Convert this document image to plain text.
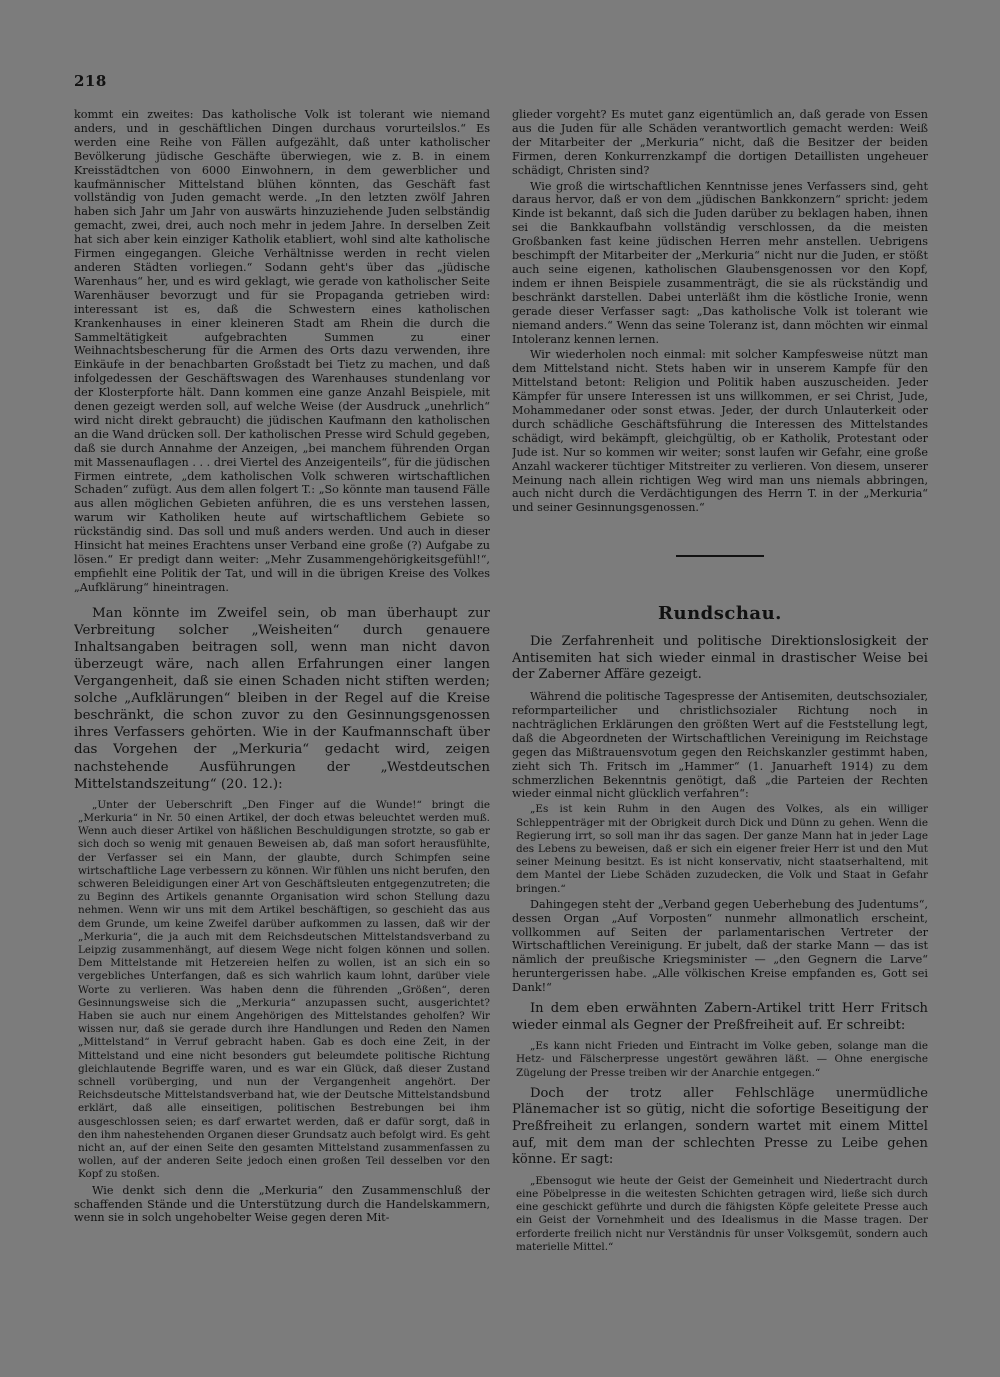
218

kommt ein zweites: Das katholische Volk ist tolerant wie niemand anders, und in geschäftlichen Dingen durchaus vorurteilslos.“ Es werden eine Reihe von Fällen aufgezählt, daß unter katholischer Bevölkerung jüdische Geschäfte überwiegen, wie z. B. in einem Kreisstädtchen von 6000 Einwohnern, in dem gewerblicher und kaufmännischer Mittelstand blühen könnten, das Geschäft fast vollständig von Juden gemacht werde. „In den letzten zwölf Jahren haben sich Jahr um Jahr von auswärts hinzuziehende Juden selbständig gemacht, zwei, drei, auch noch mehr in jedem Jahre. In derselben Zeit hat sich aber kein einziger Katholik etabliert, wohl sind alte katholische Firmen eingegangen. Gleiche Verhältnisse werden in recht vielen anderen Städten vorliegen.“ Sodann geht's über das „jüdische Warenhaus“ her, und es wird geklagt, wie gerade von katholischer Seite Warenhäuser bevorzugt und für sie Propaganda getrieben wird: interessant ist es, daß die Schwestern eines katholischen Krankenhauses in einer kleineren Stadt am Rhein die durch die Sammeltätigkeit aufgebrachten Summen zu einer Weihnachtsbescherung für die Armen des Orts dazu verwenden, ihre Einkäufe in der benachbarten Großstadt bei Tietz zu machen, und daß infolgedessen der Geschäftswagen des Warenhauses stundenlang vor der Klosterpforte hält. Dann kommen eine ganze Anzahl Beispiele, mit denen gezeigt werden soll, auf welche Weise (der Ausdruck „unehrlich“ wird nicht direkt gebraucht) die jüdischen Kaufmann den katholischen an die Wand drücken soll. Der katholischen Presse wird Schuld gegeben, daß sie durch Annahme der Anzeigen, „bei manchem führenden Organ mit Massenauflagen . . . drei Viertel des Anzeigenteils“, für die jüdischen Firmen eintrete, „dem katholischen Volk schweren wirtschaftlichen Schaden“ zufügt. Aus dem allen folgert T.: „So könnte man tausend Fälle aus allen möglichen Gebieten anführen, die es uns verstehen lassen, warum wir Katholiken heute auf wirtschaftlichem Gebiete so rückständig sind. Das soll und muß anders werden. Und auch in dieser Hinsicht hat meines Erachtens unser Verband eine große (?) Aufgabe zu lösen.“ Er predigt dann weiter: „Mehr Zusammengehörigkeitsgefühl!“, empfiehlt eine Politik der Tat, und will in die übrigen Kreise des Volkes „Aufklärung“ hineintragen.

Man könnte im Zweifel sein, ob man überhaupt zur Verbreitung solcher „Weisheiten“ durch genauere Inhaltsangaben beitragen soll, wenn man nicht davon überzeugt wäre, nach allen Erfahrungen einer langen Vergangenheit, daß sie einen Schaden nicht stiften werden; solche „Aufklärungen“ bleiben in der Regel auf die Kreise beschränkt, die schon zuvor zu den Gesinnungsgenossen ihres Verfassers gehörten. Wie in der Kaufmannschaft über das Vorgehen der „Merkuria“ gedacht wird, zeigen nachstehende Ausführungen der „Westdeutschen Mittelstandszeitung“ (20. 12.):

„Unter der Ueberschrift „Den Finger auf die Wunde!“ bringt die „Merkuria“ in Nr. 50 einen Artikel, der doch etwas beleuchtet werden muß. Wenn auch dieser Artikel von häßlichen Beschuldigungen strotzte, so gab er sich doch so wenig mit genauen Beweisen ab, daß man sofort herausfühlte, der Verfasser sei ein Mann, der glaubte, durch Schimpfen seine wirtschaftliche Lage verbessern zu können. Wir fühlen uns nicht berufen, den schweren Beleidigungen einer Art von Geschäftsleuten entgegenzutreten; die zu Beginn des Artikels genannte Organisation wird schon Stellung dazu nehmen. Wenn wir uns mit dem Artikel beschäftigen, so geschieht das aus dem Grunde, um keine Zweifel darüber aufkommen zu lassen, daß wir der „Merkuria“, die ja auch mit dem Reichsdeutschen Mittelstandsverband zu Leipzig zusammenhängt, auf diesem Wege nicht folgen können und sollen. Dem Mittelstande mit Hetzereien helfen zu wollen, ist an sich ein so vergebliches Unterfangen, daß es sich wahrlich kaum lohnt, darüber viele Worte zu verlieren. Was haben denn die führenden „Größen“, deren Gesinnungsweise sich die „Merkuria“ anzupassen sucht, ausgerichtet? Haben sie auch nur einem Angehörigen des Mittelstandes geholfen? Wir wissen nur, daß sie gerade durch ihre Handlungen und Reden den Namen „Mittelstand“ in Verruf gebracht haben. Gab es doch eine Zeit, in der Mittelstand und eine nicht besonders gut beleumdete politische Richtung gleichlautende Begriffe waren, und es war ein Glück, daß dieser Zustand schnell vorüberging, und nun der Vergangenheit angehört. Der Reichsdeutsche Mittelstandsverband hat, wie der Deutsche Mittelstandsbund erklärt, daß alle einseitigen, politischen Bestrebungen bei ihm ausgeschlossen seien; es darf erwartet werden, daß er dafür sorgt, daß in den ihm nahestehenden Organen dieser Grundsatz auch befolgt wird. Es geht nicht an, auf der einen Seite den gesamten Mittelstand zusammenfassen zu wollen, auf der anderen Seite jedoch einen großen Teil desselben vor den Kopf zu stoßen.

Wie denkt sich denn die „Merkuria“ den Zusammenschluß der schaffenden Stände und die Unterstützung durch die Handelskammern, wenn sie in solch ungehobelter Weise gegen deren Mit-

glieder vorgeht? Es mutet ganz eigentümlich an, daß gerade von Essen aus die Juden für alle Schäden verantwortlich gemacht werden: Weiß der Mitarbeiter der „Merkuria“ nicht, daß die Besitzer der beiden Firmen, deren Konkurrenzkampf die dortigen Detaillisten ungeheuer schädigt, Christen sind?

Wie groß die wirtschaftlichen Kenntnisse jenes Verfassers sind, geht daraus hervor, daß er von dem „jüdischen Bankkonzern“ spricht: jedem Kinde ist bekannt, daß sich die Juden darüber zu beklagen haben, ihnen sei die Bankkaufbahn vollständig verschlossen, da die meisten Großbanken fast keine jüdischen Herren mehr anstellen. Uebrigens beschimpft der Mitarbeiter der „Merkuria“ nicht nur die Juden, er stößt auch seine eigenen, katholischen Glaubensgenossen vor den Kopf, indem er ihnen Beispiele zusammenträgt, die sie als rückständig und beschränkt darstellen. Dabei unterläßt ihm die köstliche Ironie, wenn gerade dieser Verfasser sagt: „Das katholische Volk ist tolerant wie niemand anders.“ Wenn das seine Toleranz ist, dann möchten wir einmal Intoleranz kennen lernen.

Wir wiederholen noch einmal: mit solcher Kampfesweise nützt man dem Mittelstand nicht. Stets haben wir in unserem Kampfe für den Mittelstand betont: Religion und Politik haben auszuscheiden. Jeder Kämpfer für unsere Interessen ist uns willkommen, er sei Christ, Jude, Mohammedaner oder sonst etwas. Jeder, der durch Unlauterkeit oder durch schädliche Geschäftsführung die Interessen des Mittelstandes schädigt, wird bekämpft, gleichgültig, ob er Katholik, Protestant oder Jude ist. Nur so kommen wir weiter; sonst laufen wir Gefahr, eine große Anzahl wackerer tüchtiger Mitstreiter zu verlieren. Von diesem, unserer Meinung nach allein richtigen Weg wird man uns niemals abbringen, auch nicht durch die Verdächtigungen des Herrn T. in der „Merkuria“ und seiner Gesinnungsgenossen.“

Rundschau.

Die Zerfahrenheit und politische Direktionslosigkeit der Antisemiten hat sich wieder einmal in drastischer Weise bei der Zaberner Affäre gezeigt.

Während die politische Tagespresse der Antisemiten, deutschsozialer, reformparteilicher und christlichsozialer Richtung noch in nachträglichen Erklärungen den größten Wert auf die Feststellung legt, daß die Abgeordneten der Wirtschaftlichen Vereinigung im Reichstage gegen das Mißtrauensvotum gegen den Reichskanzler gestimmt haben, zieht sich Th. Fritsch im „Hammer“ (1. Januarheft 1914) zu dem schmerzlichen Bekenntnis genötigt, daß „die Parteien der Rechten wieder einmal nicht glücklich verfahren“:

„Es ist kein Ruhm in den Augen des Volkes, als ein williger Schleppenträger mit der Obrigkeit durch Dick und Dünn zu gehen. Wenn die Regierung irrt, so soll man ihr das sagen. Der ganze Mann hat in jeder Lage des Lebens zu beweisen, daß er sich ein eigener freier Herr ist und den Mut seiner Meinung besitzt. Es ist nicht konservativ, nicht staatserhaltend, mit dem Mantel der Liebe Schäden zuzudecken, die Volk und Staat in Gefahr bringen.“

Dahingegen steht der „Verband gegen Ueberhebung des Judentums“, dessen Organ „Auf Vorposten“ nunmehr allmonatlich erscheint, vollkommen auf Seiten der parlamentarischen Vertreter der Wirtschaftlichen Vereinigung. Er jubelt, daß der starke Mann — das ist nämlich der preußische Kriegsminister — „den Gegnern die Larve“ heruntergerissen habe. „Alle völkischen Kreise empfanden es, Gott sei Dank!“

In dem eben erwähnten Zabern-Artikel tritt Herr Fritsch wieder einmal als Gegner der Preßfreiheit auf. Er schreibt:

„Es kann nicht Frieden und Eintracht im Volke geben, solange man die Hetz- und Fälscherpresse ungestört gewähren läßt. — Ohne energische Zügelung der Presse treiben wir der Anarchie entgegen.“

Doch der trotz aller Fehlschläge unermüdliche Plänemacher ist so gütig, nicht die sofortige Beseitigung der Preßfreiheit zu erlangen, sondern wartet mit einem Mittel auf, mit dem man der schlechten Presse zu Leibe gehen könne. Er sagt:

„Ebensogut wie heute der Geist der Gemeinheit und Niedertracht durch eine Pöbelpresse in die weitesten Schichten getragen wird, ließe sich durch eine geschickt geführte und durch die fähigsten Köpfe geleitete Presse auch ein Geist der Vornehmheit und des Idealismus in die Masse tragen. Der erforderte freilich nicht nur Verständnis für unser Volksgemüt, sondern auch materielle Mittel.“
